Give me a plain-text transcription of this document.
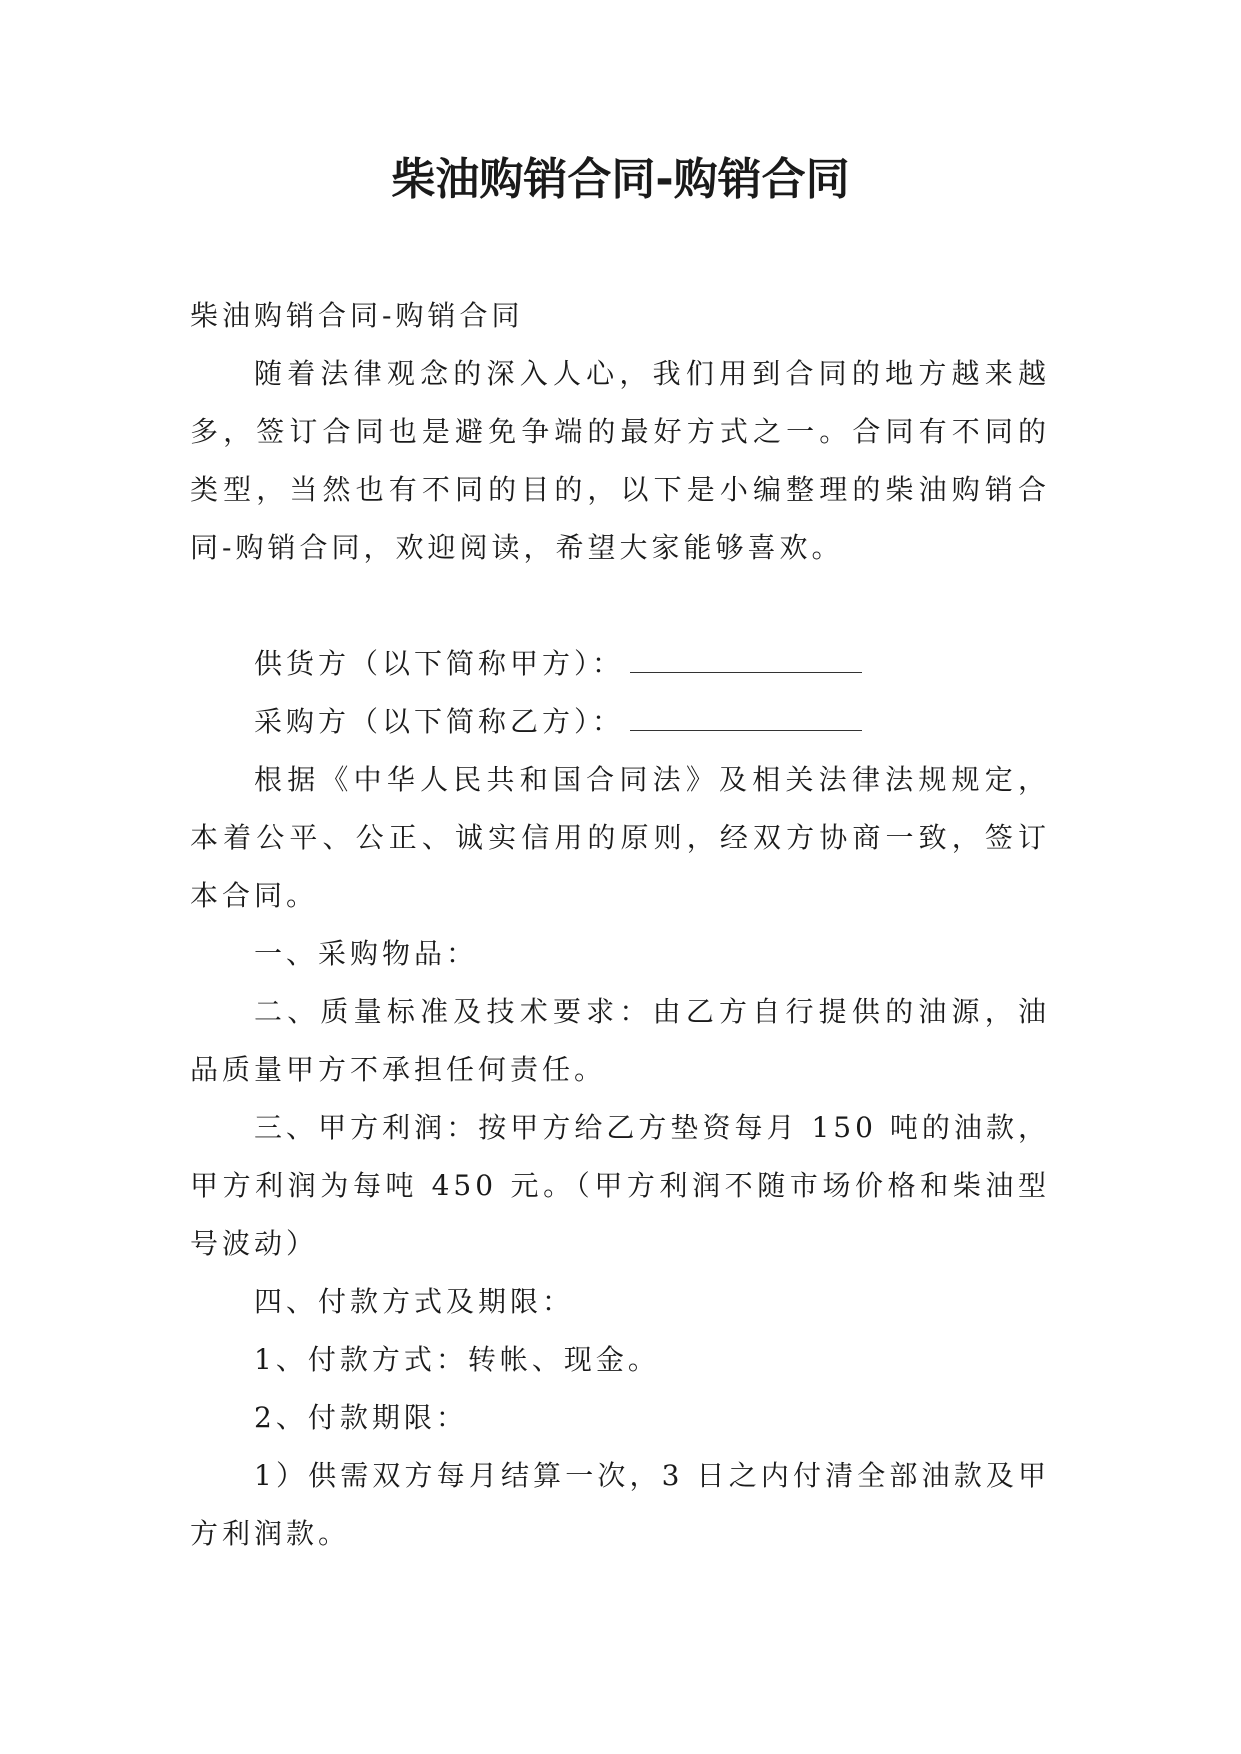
柴油购销合同-购销合同

柴油购销合同-购销合同

随着法律观念的深入人心，我们用到合同的地方越来越多，签订合同也是避免争端的最好方式之一。合同有不同的类型，当然也有不同的目的，以下是小编整理的柴油购销合同-购销合同，欢迎阅读，希望大家能够喜欢。

供货方（以下简称甲方）：

采购方（以下简称乙方）：

根据《中华人民共和国合同法》及相关法律法规规定，本着公平、公正、诚实信用的原则，经双方协商一致，签订本合同。

一、采购物品：

二、质量标准及技术要求：由乙方自行提供的油源，油品质量甲方不承担任何责任。

三、甲方利润：按甲方给乙方垫资每月 150 吨的油款，甲方利润为每吨 450 元。（甲方利润不随市场价格和柴油型号波动）

四、付款方式及期限：

1、付款方式：转帐、现金。

2、付款期限：

1）供需双方每月结算一次，3 日之内付清全部油款及甲方利润款。
